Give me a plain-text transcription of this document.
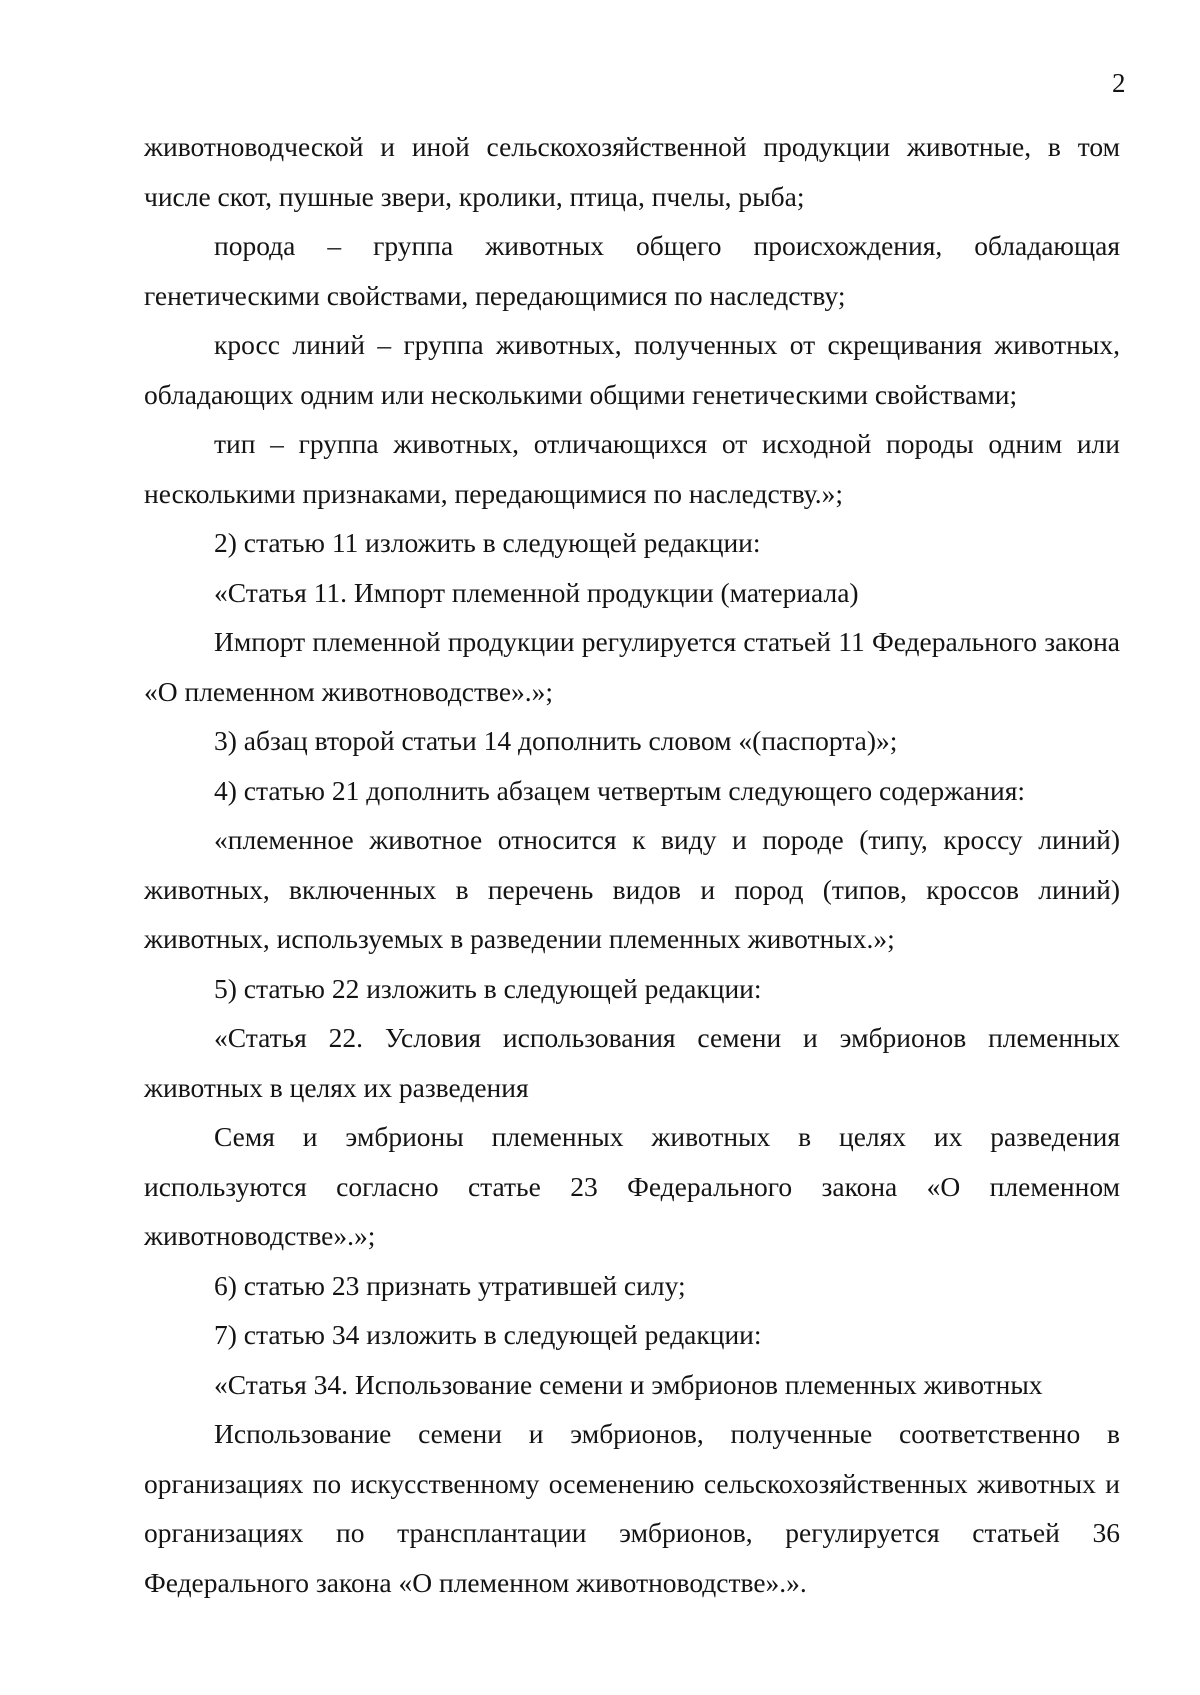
2

животноводческой и иной сельскохозяйственной продукции животные, в том числе скот, пушные звери, кролики, птица, пчелы, рыба;

порода – группа животных общего происхождения, обладающая генетическими свойствами, передающимися по наследству;

кросс линий – группа животных, полученных от скрещивания животных, обладающих одним или несколькими общими генетическими свойствами;

тип – группа животных, отличающихся от исходной породы одним или несколькими признаками, передающимися по наследству.»;

2) статью 11 изложить в следующей редакции:

«Статья 11. Импорт племенной продукции (материала)

Импорт племенной продукции регулируется статьей 11 Федерального закона «О племенном животноводстве».»;

3) абзац второй статьи 14 дополнить словом «(паспорта)»;

4) статью 21 дополнить абзацем четвертым следующего содержания:

«племенное животное относится к виду и породе (типу, кроссу линий) животных, включенных в перечень видов и пород (типов, кроссов линий) животных, используемых в разведении племенных животных.»;

5) статью 22 изложить в следующей редакции:

«Статья 22. Условия использования семени и эмбрионов племенных животных в целях их разведения

Семя и эмбрионы племенных животных в целях их разведения используются согласно статье 23 Федерального закона «О племенном животноводстве».»;

6) статью 23 признать утратившей силу;

7) статью 34 изложить в следующей редакции:

«Статья 34. Использование семени и эмбрионов племенных животных

Использование семени и эмбрионов, полученные соответственно в организациях по искусственному осеменению сельскохозяйственных животных и организациях по трансплантации эмбрионов, регулируется статьей 36 Федерального закона «О племенном животноводстве».».
